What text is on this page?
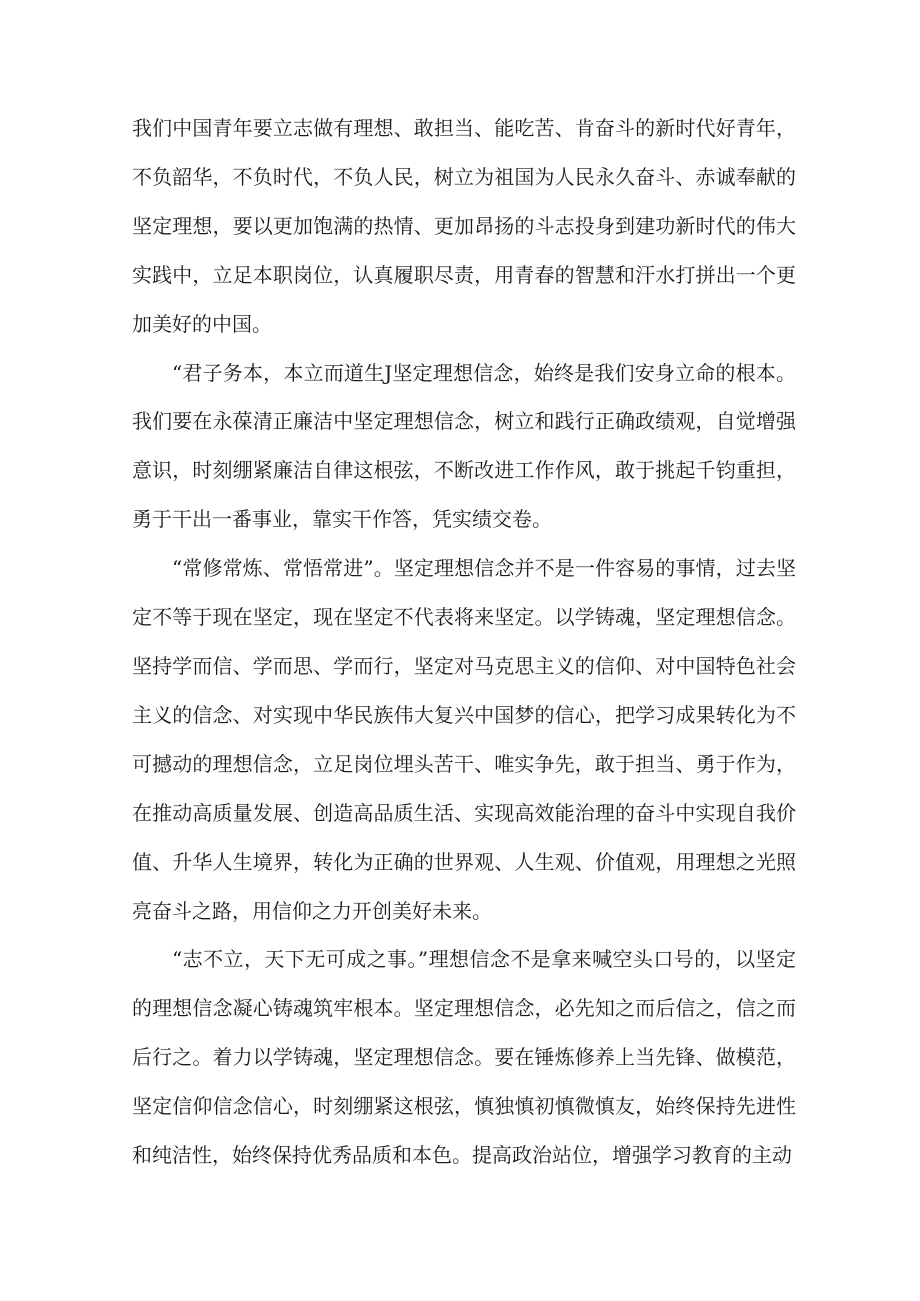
我们中国青年要立志做有理想、敢担当、能吃苦、肯奋斗的新时代好青年，不负韶华，不负时代，不负人民，树立为祖国为人民永久奋斗、赤诚奉献的坚定理想，要以更加饱满的热情、更加昂扬的斗志投身到建功新时代的伟大实践中，立足本职岗位，认真履职尽责，用青春的智慧和汗水打拼出一个更加美好的中国。

“君子务本，本立而道生J坚定理想信念，始终是我们安身立命的根本。我们要在永葆清正廉洁中坚定理想信念，树立和践行正确政绩观，自觉增强意识，时刻绷紧廉洁自律这根弦，不断改进工作作风，敢于挑起千钧重担，勇于干出一番事业，靠实干作答，凭实绩交卷。

“常修常炼、常悟常进”。坚定理想信念并不是一件容易的事情，过去坚定不等于现在坚定，现在坚定不代表将来坚定。以学铸魂，坚定理想信念。坚持学而信、学而思、学而行，坚定对马克思主义的信仰、对中国特色社会主义的信念、对实现中华民族伟大复兴中国梦的信心，把学习成果转化为不可撼动的理想信念，立足岗位埋头苦干、唯实争先，敢于担当、勇于作为，在推动高质量发展、创造高品质生活、实现高效能治理的奋斗中实现自我价值、升华人生境界，转化为正确的世界观、人生观、价值观，用理想之光照亮奋斗之路，用信仰之力开创美好未来。

“志不立，天下无可成之事。”理想信念不是拿来喊空头口号的，以坚定的理想信念凝心铸魂筑牢根本。坚定理想信念，必先知之而后信之，信之而后行之。着力以学铸魂，坚定理想信念。要在锤炼修养上当先锋、做模范，坚定信仰信念信心，时刻绷紧这根弦，慎独慎初慎微慎友，始终保持先进性和纯洁性，始终保持优秀品质和本色。提高政治站位，增强学习教育的主动
